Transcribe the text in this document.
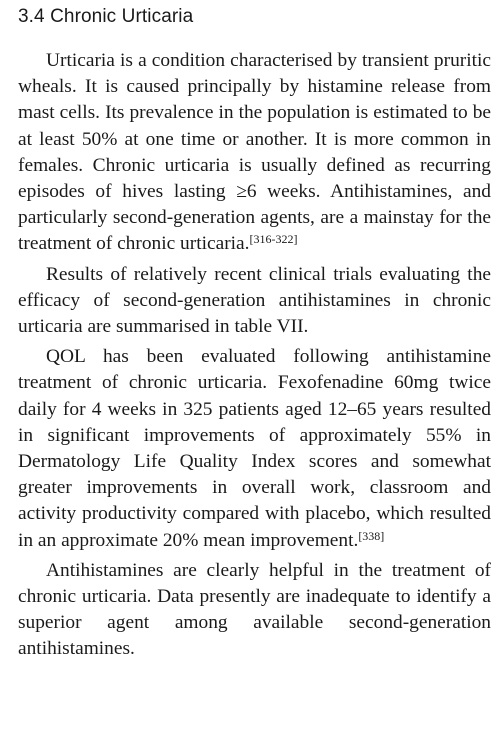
3.4 Chronic Urticaria

Urticaria is a condition characterised by transient pruritic wheals. It is caused principally by histamine release from mast cells. Its prevalence in the population is estimated to be at least 50% at one time or another. It is more common in females. Chronic urticaria is usually defined as recurring episodes of hives lasting ≥6 weeks. Antihistamines, and particularly second-generation agents, are a mainstay for the treatment of chronic urticaria.[316-322]

Results of relatively recent clinical trials evaluating the efficacy of second-generation antihistamines in chronic urticaria are summarised in table VII.

QOL has been evaluated following antihistamine treatment of chronic urticaria. Fexofenadine 60mg twice daily for 4 weeks in 325 patients aged 12–65 years resulted in significant improvements of approximately 55% in Dermatology Life Quality Index scores and somewhat greater improvements in overall work, classroom and activity productivity compared with placebo, which resulted in an approximate 20% mean improvement.[338]

Antihistamines are clearly helpful in the treatment of chronic urticaria. Data presently are inadequate to identify a superior agent among available second-generation antihistamines.
